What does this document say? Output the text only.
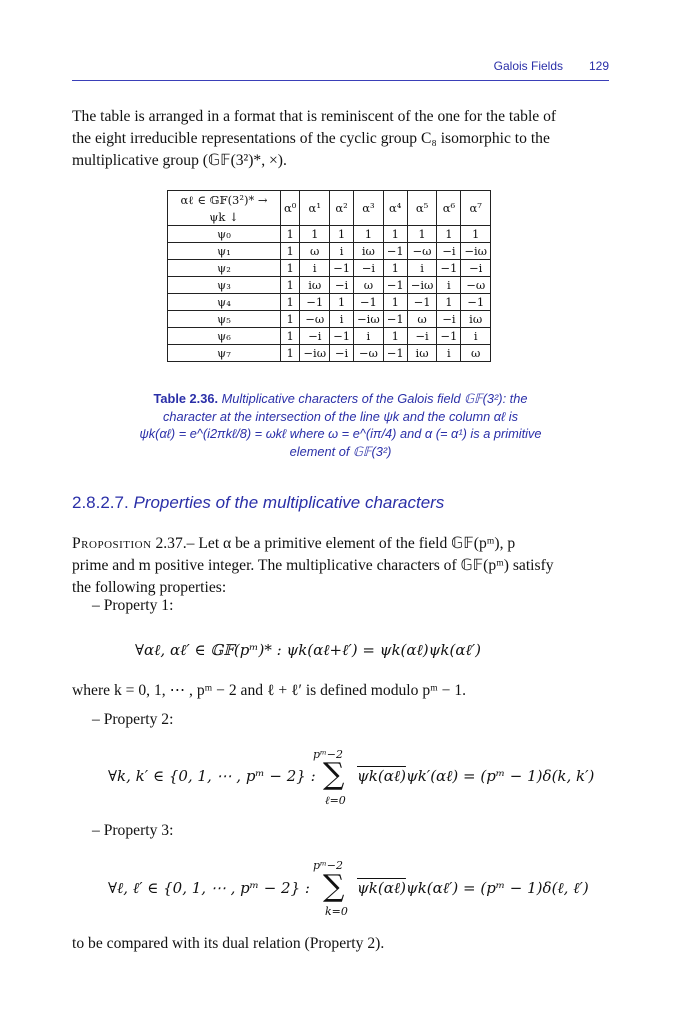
Galois Fields 129
The table is arranged in a format that is reminiscent of the one for the table of
the eight irreducible representations of the cyclic group C₈ isomorphic to the
multiplicative group (𝔾𝔽(3²)*, ×).
αℓ ∈ 𝔾𝔽(3²)* →	α⁰	α¹	α²	α³	α⁴	α⁵	α⁶	α⁷
ψk ↓								
ψ₀	1	1	1	1	1	1	1	1
ψ₁	1	ω	i	iω	−1	−ω	−i	−iω
ψ₂	1	i	−1	−i	1	i	−1	−i
ψ₃	1	iω	−i	ω	−1	−iω	i	−ω
ψ₄	1	−1	1	−1	1	−1	1	−1
ψ₅	1	−ω	i	−iω	−1	ω	−i	iω
ψ₆	1	−i	−1	i	1	−i	−1	i
ψ₇	1	−iω	−i	−ω	−1	iω	i	ω
Table 2.36. Multiplicative characters of the Galois field 𝔾𝔽(3²): the
character at the intersection of the line ψk and the column αℓ is
ψk(αℓ) = e^(i2πkℓ/8) = ωkℓ where ω = e^(iπ/4) and α (= α¹) is a primitive
element of 𝔾𝔽(3²)
2.8.2.7. Properties of the multiplicative characters
Proposition 2.37.– Let α be a primitive element of the field 𝔾𝔽(pᵐ), p
prime and m positive integer. The multiplicative characters of 𝔾𝔽(pᵐ) satisfy
the following properties:
– Property 1:
∀αℓ, αℓ′ ∈ 𝔾𝔽(pᵐ)* : ψk(αℓ+ℓ′) = ψk(αℓ)ψk(αℓ′)
where k = 0, 1, ⋯ , pᵐ − 2 and ℓ + ℓ′ is defined modulo pᵐ − 1.
– Property 2:
∀k, k′ ∈ {0, 1, ⋯ , pᵐ − 2} :
pᵐ−2
∑
ℓ=0
ψk(αℓ)ψk′(αℓ) = (pᵐ − 1)δ(k, k′)
– Property 3:
∀ℓ, ℓ′ ∈ {0, 1, ⋯ , pᵐ − 2} :
pᵐ−2
∑
k=0
ψk(αℓ)ψk(αℓ′) = (pᵐ − 1)δ(ℓ, ℓ′)
to be compared with its dual relation (Property 2).
